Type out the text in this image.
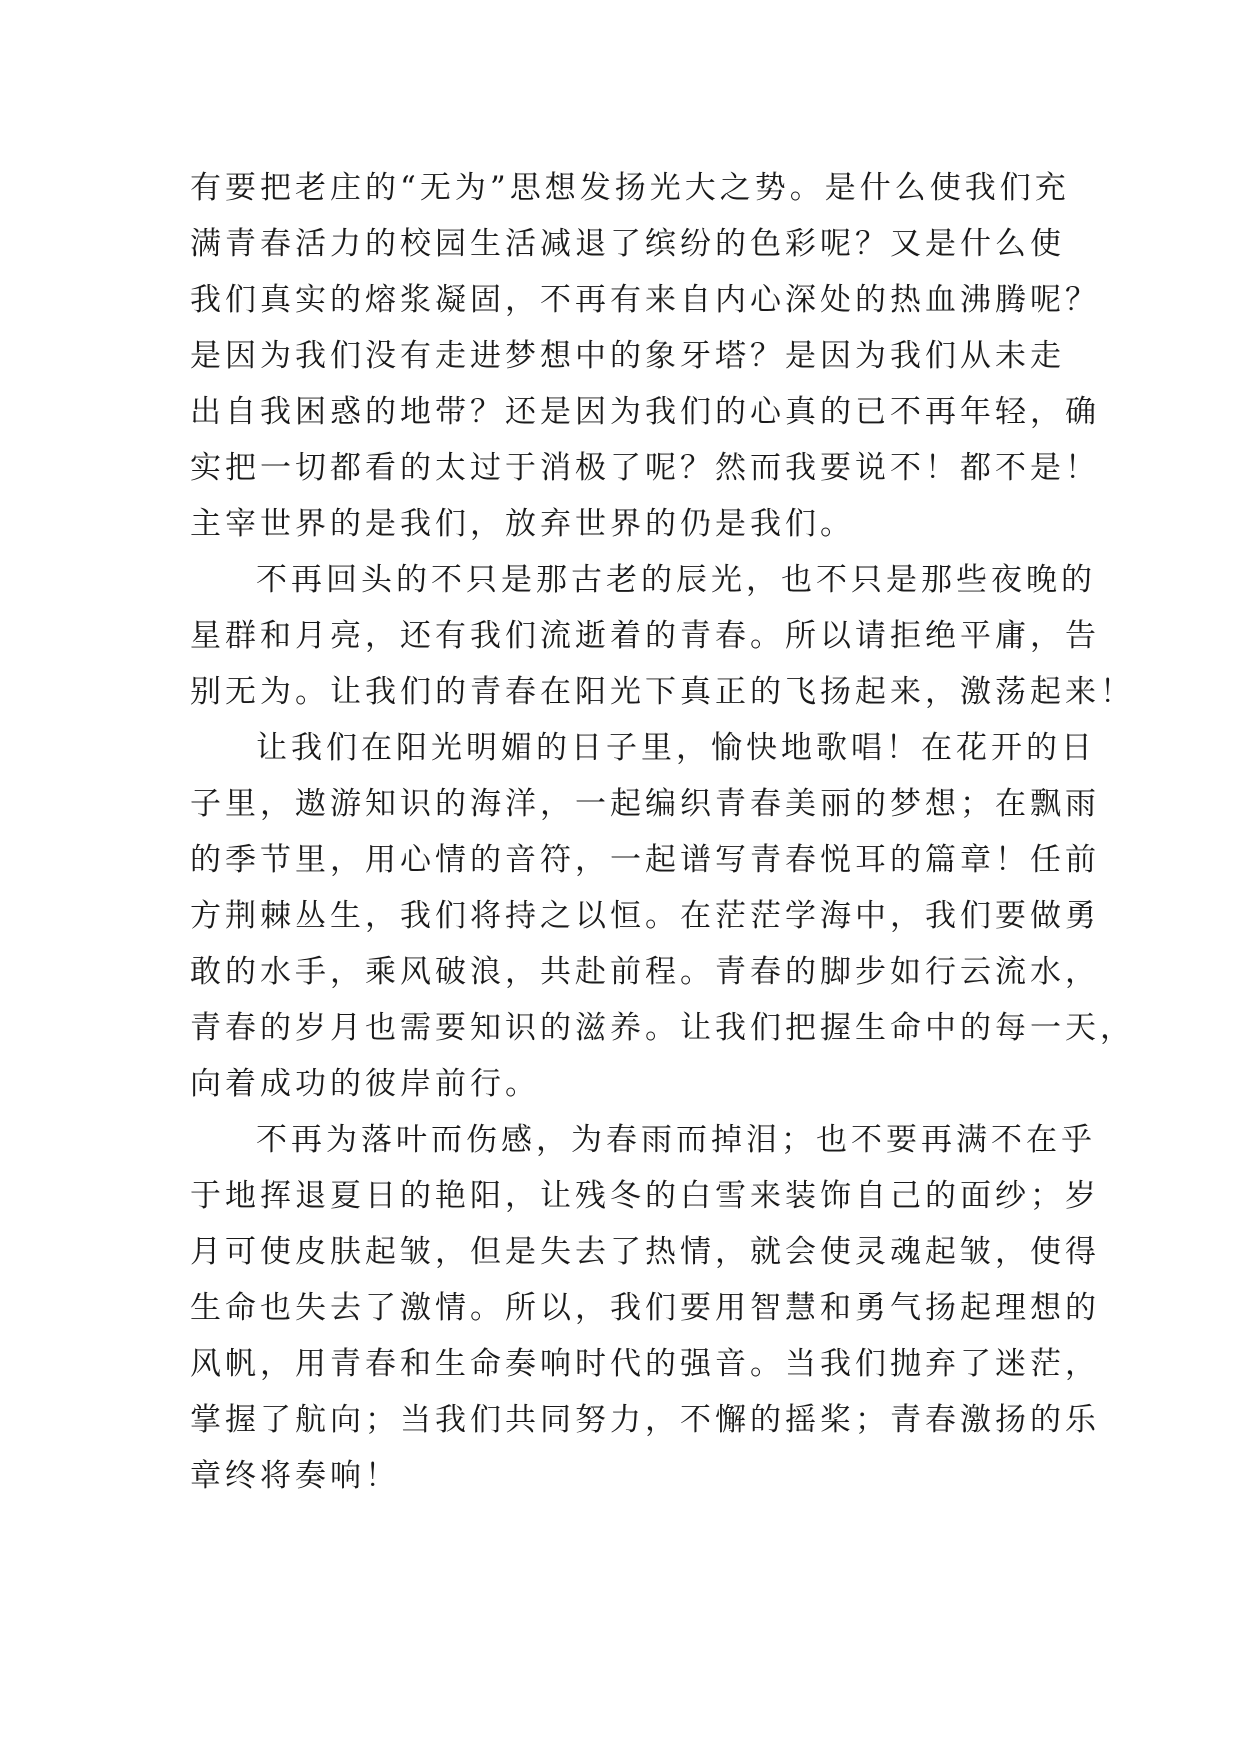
有要把老庄的“无为”思想发扬光大之势。是什么使我们充
满青春活力的校园生活减退了缤纷的色彩呢？又是什么使
我们真实的熔浆凝固，不再有来自内心深处的热血沸腾呢？
是因为我们没有走进梦想中的象牙塔？是因为我们从未走
出自我困惑的地带？还是因为我们的心真的已不再年轻，确
实把一切都看的太过于消极了呢？然而我要说不！都不是！
主宰世界的是我们，放弃世界的仍是我们。

不再回头的不只是那古老的辰光，也不只是那些夜晚的
星群和月亮，还有我们流逝着的青春。所以请拒绝平庸，告
别无为。让我们的青春在阳光下真正的飞扬起来，激荡起来！

让我们在阳光明媚的日子里，愉快地歌唱！在花开的日
子里，遨游知识的海洋，一起编织青春美丽的梦想；在飘雨
的季节里，用心情的音符，一起谱写青春悦耳的篇章！任前
方荆棘丛生，我们将持之以恒。在茫茫学海中，我们要做勇
敢的水手，乘风破浪，共赴前程。青春的脚步如行云流水，
青春的岁月也需要知识的滋养。让我们把握生命中的每一天，
向着成功的彼岸前行。

不再为落叶而伤感，为春雨而掉泪；也不要再满不在乎
于地挥退夏日的艳阳，让残冬的白雪来装饰自己的面纱；岁
月可使皮肤起皱，但是失去了热情，就会使灵魂起皱，使得
生命也失去了激情。所以，我们要用智慧和勇气扬起理想的
风帆，用青春和生命奏响时代的强音。当我们抛弃了迷茫，
掌握了航向；当我们共同努力，不懈的摇桨；青春激扬的乐
章终将奏响！
